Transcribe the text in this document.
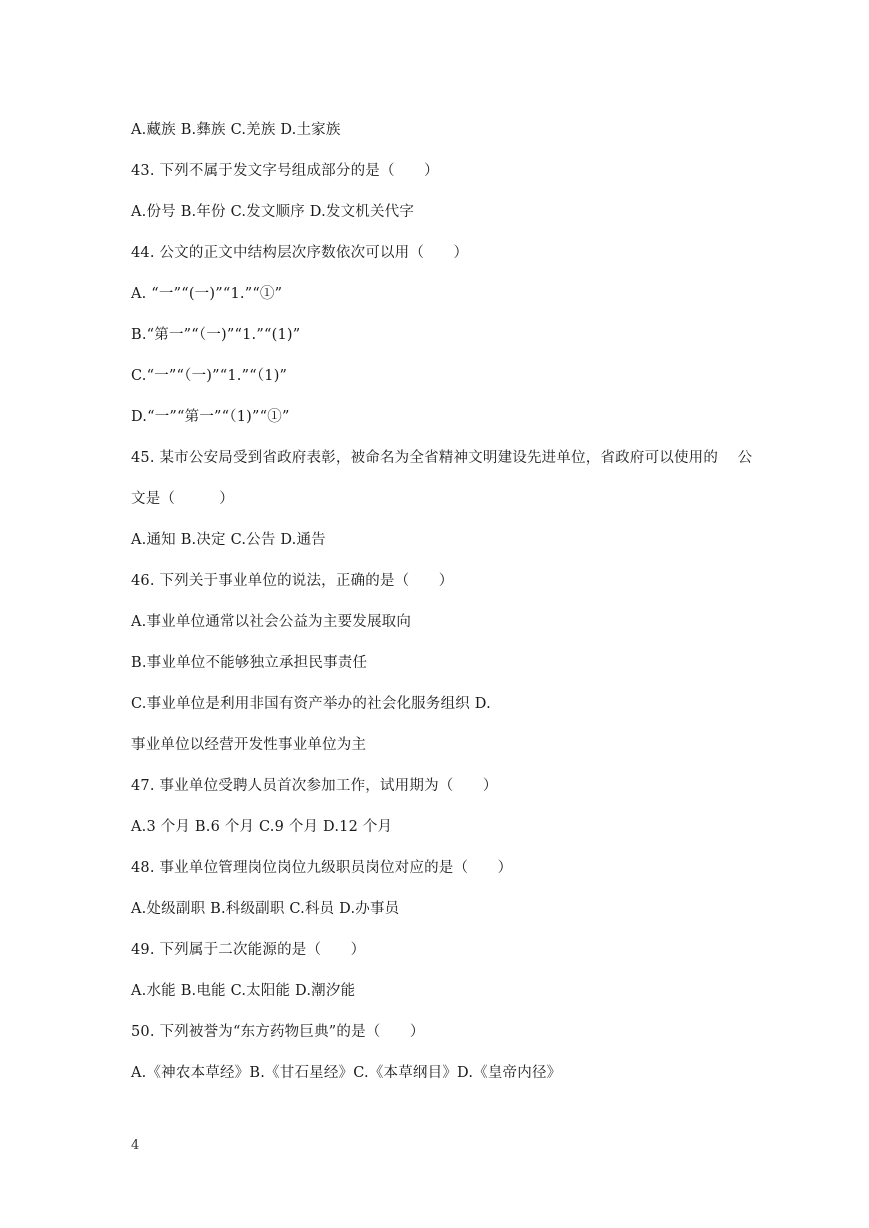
A.藏族 B.彝族 C.羌族 D.土家族
43. 下列不属于发文字号组成部分的是（　　）
A.份号 B.年份 C.发文顺序 D.发文机关代字
44. 公文的正文中结构层次序数依次可以用（　　）
A. “一”“(一)”“1.”“①”
B.“第一”“（一)”“1.”“(1)”
C.“一”“（一)”“1.”“（1)”
D.“一”“第一”“（1)”“①”
45. 某市公安局受到省政府表彰，被命名为全省精神文明建设先进单位，省政府可以使用的　 公
文是（　　　）
A.通知 B.决定 C.公告 D.通告
46. 下列关于事业单位的说法，正确的是（　　）
A.事业单位通常以社会公益为主要发展取向
B.事业单位不能够独立承担民事责任
C.事业单位是利用非国有资产举办的社会化服务组织 D.
事业单位以经营开发性事业单位为主
47. 事业单位受聘人员首次参加工作，试用期为（　　）
A.3 个月 B.6 个月 C.9 个月 D.12 个月
48. 事业单位管理岗位岗位九级职员岗位对应的是（　　）
A.处级副职 B.科级副职 C.科员 D.办事员
49. 下列属于二次能源的是（　　）
A.水能 B.电能 C.太阳能 D.潮汐能
50. 下列被誉为“东方药物巨典”的是（　　）
A.《神农本草经》B.《甘石星经》C.《本草纲目》D.《皇帝内径》
4
